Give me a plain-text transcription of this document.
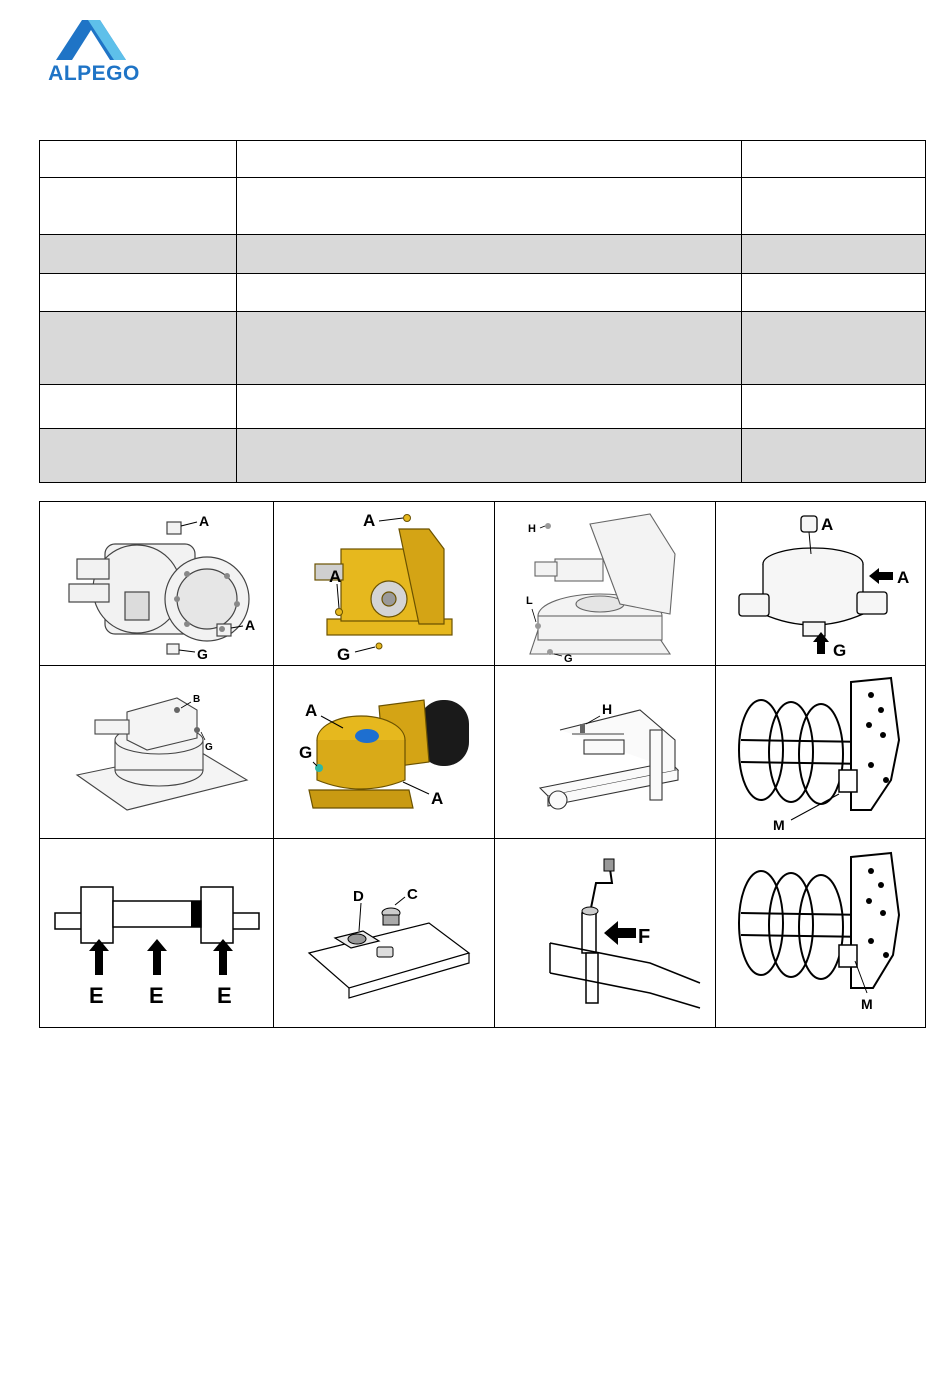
ALPEGO

A
A
G	A
A
G	H
L
G	A
A
G

B
G	A
G
A	H	M

E E E	D C	F	M
